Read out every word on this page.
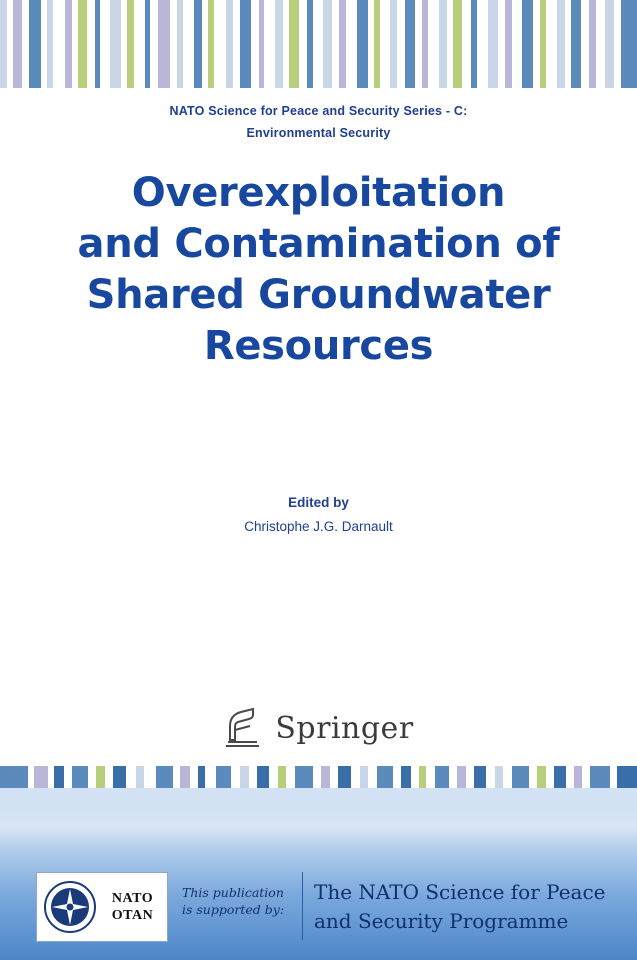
NATO Science for Peace and Security Series - C:
Environmental Security
Overexploitation
and Contamination of
Shared Groundwater
Resources
Edited by
Christophe J.G. Darnault
Springer
NATO OTAN
This publication
is supported by:
The NATO Science for Peace
and Security Programme
